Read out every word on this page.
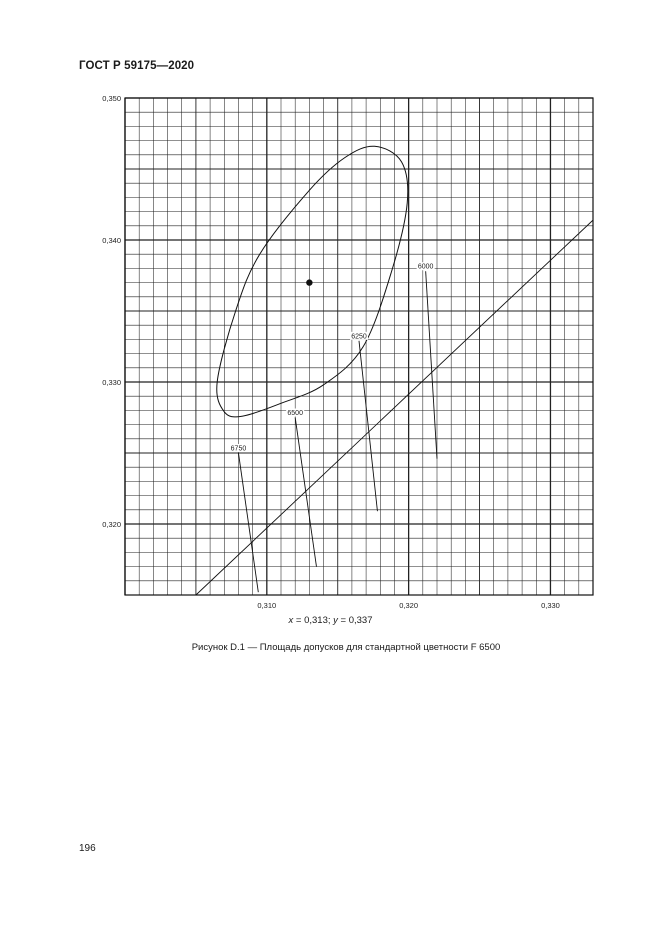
ГОСТ Р 59175—2020
0,310	0,320	0,330
0,350
0,340
0,330
0,320
6000
6250
6500
6750
x = 0,313; y = 0,337
Рисунок D.1 — Площадь допусков для стандартной цветности F 6500
196
